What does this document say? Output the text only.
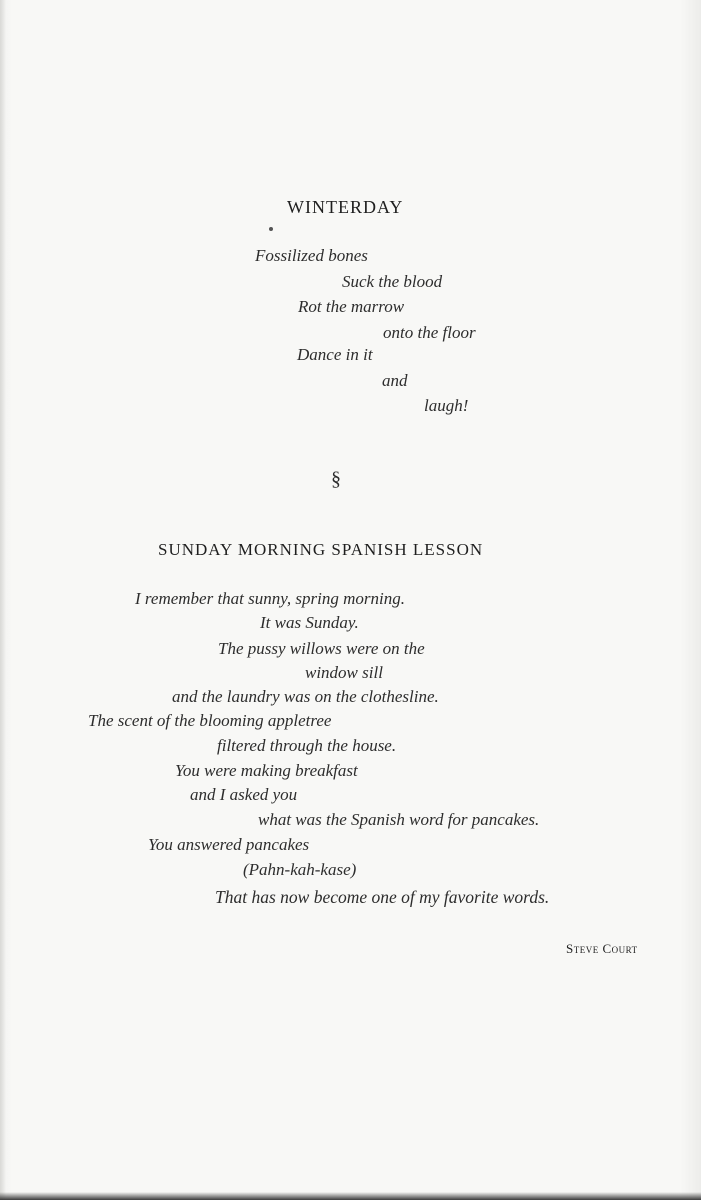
WINTERDAY
Fossilized bones
Suck the blood
Rot the marrow
onto the floor
Dance in it
and
laugh!
§
SUNDAY MORNING SPANISH LESSON
I remember that sunny, spring morning.
It was Sunday.
The pussy willows were on the
window sill
and the laundry was on the clothesline.
The scent of the blooming appletree
filtered through the house.
You were making breakfast
and I asked you
what was the Spanish word for pancakes.
You answered pancakes
(Pahn-kah-kase)
That has now become one of my favorite words.
Steve Court
